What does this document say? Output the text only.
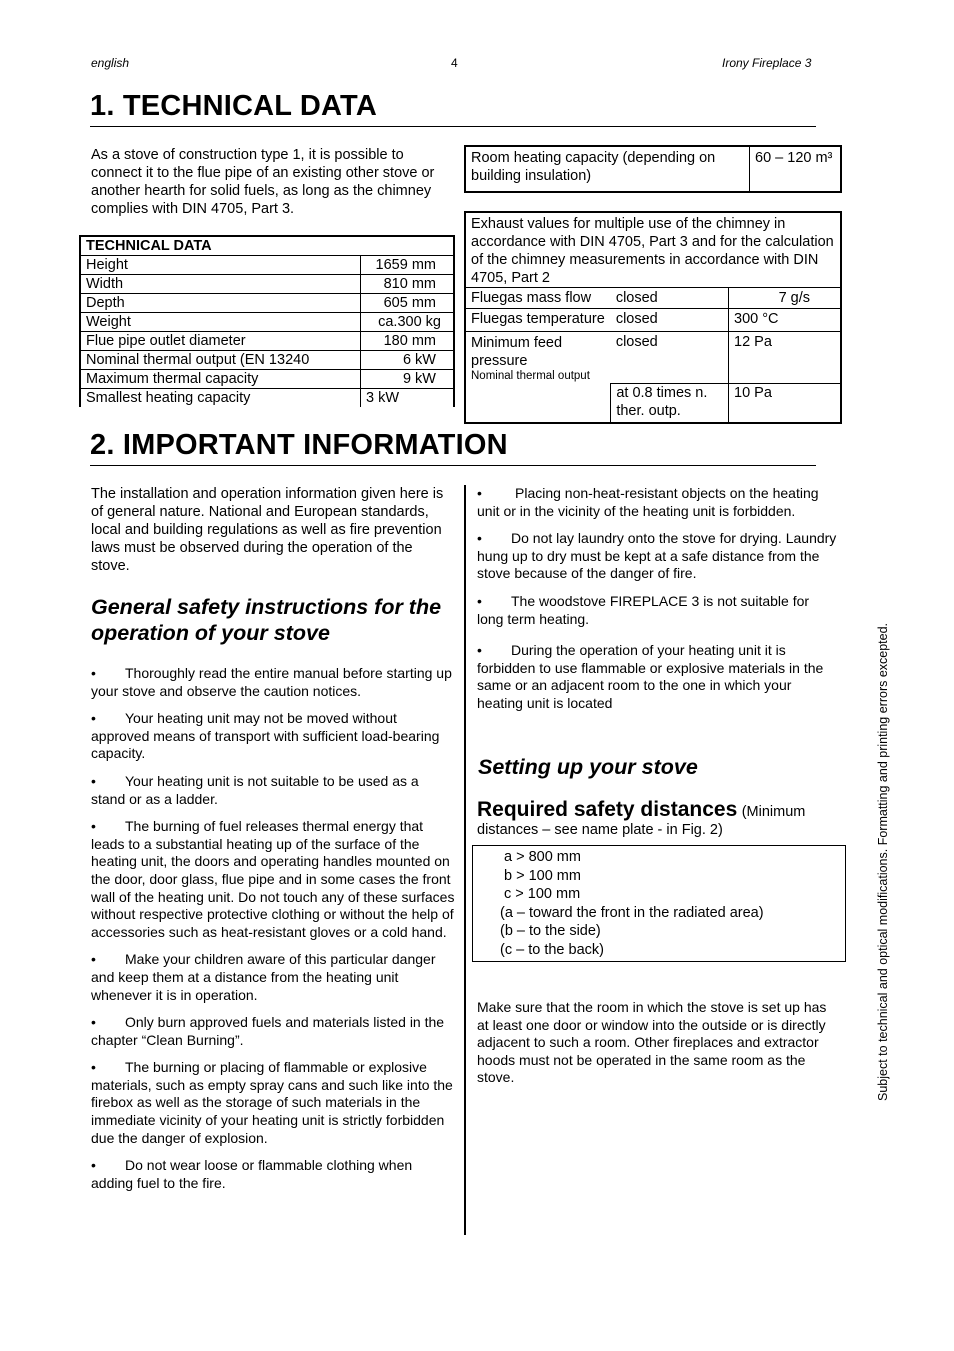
english	4	Irony Fireplace 3
1. TECHNICAL DATA
As a stove of construction type 1, it is possible to connect it to the flue pipe of an existing other stove or another hearth for solid fuels, as long as the chimney complies with DIN 4705, Part 3.
TECHNICAL DATA	
Height	1659 mm
Width	810 mm
Depth	605 mm
Weight	ca.300 kg
Flue pipe outlet diameter	180 mm
Nominal thermal output (EN 13240	6 kW
Maximum thermal capacity	9 kW
Smallest heating capacity	3 kW
Room heating capacity (depending on building insulation)	60 – 120 m³
Exhaust values for multiple use of the chimney in accordance with DIN 4705, Part 3 and for the calculation of the chimney measurements in accordance with DIN 4705, Part 2		
Fluegas mass flow	closed	7 g/s
Fluegas temperature	closed	300 °C

Minimum feed pressure
Nominal thermal output	closed	12 Pa
	at 0.8 times n. ther. outp.	10 Pa
2. IMPORTANT INFORMATION
The installation and operation information given here is of general nature. National and European standards, local and building regulations as well as fire prevention laws must be observed during the operation of the stove.
General safety instructions for the operation of your stove
• Thoroughly read the entire manual before starting up your stove and observe the caution notices.
• Your heating unit may not be moved without approved means of transport with sufficient load-bearing capacity.
• Your heating unit is not suitable to be used as a stand or as a ladder.
• The burning of fuel releases thermal energy that leads to a substantial heating up of the surface of the heating unit, the doors and operating handles mounted on the door, door glass, flue pipe and in some cases the front wall of the heating unit. Do not touch any of these surfaces without respective protective clothing or without the help of accessories such as heat-resistant gloves or a cold hand.
• Make your children aware of this particular danger and keep them at a distance from the heating unit whenever it is in operation.
• Only burn approved fuels and materials listed in the chapter “Clean Burning”.
• The burning or placing of flammable or explosive materials, such as empty spray cans and such like into the firebox as well as the storage of such materials in the immediate vicinity of your heating unit is strictly forbidden due the danger of explosion.
• Do not wear loose or flammable clothing when adding fuel to the fire.
• Placing non-heat-resistant objects on the heating unit or in the vicinity of the heating unit is forbidden.
• Do not lay laundry onto the stove for drying. Laundry hung up to dry must be kept at a safe distance from the stove because of the danger of fire.
• The woodstove FIREPLACE 3 is not suitable for long term heating.
• During the operation of your heating unit it is forbidden to use flammable or explosive materials in the same or an adjacent room to the one in which your heating unit is located
Setting up your stove
Required safety distances (Minimum distances – see name plate - in Fig. 2)
a > 800 mm
b > 100 mm
c > 100 mm
(a – toward the front in the radiated area)
(b – to the side)
(c – to the back)
Make sure that the room in which the stove is set up has at least one door or window into the outside or is directly adjacent to such a room. Other fireplaces and extractor hoods must not be operated in the same room as the stove.	Subject to technical and optical modifications. Formatting and printing errors excepted.
